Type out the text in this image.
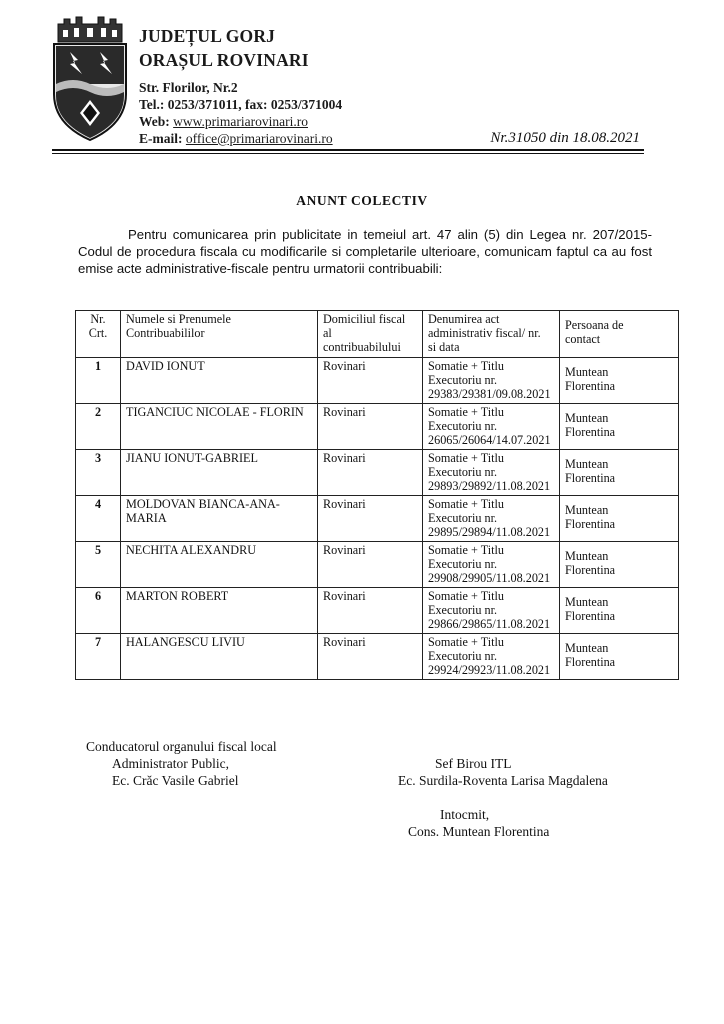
JUDEȚUL GORJ
ORAȘUL ROVINARI
Str. Florilor, Nr.2
Tel.: 0253/371011, fax: 0253/371004
Web: www.primariarovinari.ro
E-mail: office@primariarovinari.ro	Nr.31050 din 18.08.2021
ANUNT COLECTIV
Pentru comunicarea prin publicitate in temeiul art. 47 alin (5) din Legea nr. 207/2015-Codul de procedura fiscala cu modificarile si completarile ulterioare, comunicam faptul ca au fost emise acte administrative-fiscale pentru urmatorii contribuabili:
Nr.
Crt.	Numele si Prenumele
Contribuabililor	Domiciliul fiscal
al
contribuabilului	Denumirea act
administrativ fiscal/ nr.
si data	Persoana de
contact

1	DAVID IONUT	Rovinari	Somatie + Titlu
Executoriu nr.
29383/29381/09.08.2021	Muntean
Florentina

2	TIGANCIUC NICOLAE - FLORIN	Rovinari	Somatie + Titlu
Executoriu nr.
26065/26064/14.07.2021	Muntean
Florentina

3	JIANU IONUT-GABRIEL	Rovinari	Somatie + Titlu
Executoriu nr.
29893/29892/11.08.2021	Muntean
Florentina

4	MOLDOVAN BIANCA-ANA-MARIA	Rovinari	Somatie + Titlu
Executoriu nr.
29895/29894/11.08.2021	Muntean
Florentina

5	NECHITA ALEXANDRU	Rovinari	Somatie + Titlu
Executoriu nr.
29908/29905/11.08.2021	Muntean
Florentina

6	MARTON ROBERT	Rovinari	Somatie + Titlu
Executoriu nr.
29866/29865/11.08.2021	Muntean
Florentina

7	HALANGESCU LIVIU	Rovinari	Somatie + Titlu
Executoriu nr.
29924/29923/11.08.2021	Muntean
Florentina
Conducatorul organului fiscal local
Administrator Public,
Ec. Crăc Vasile Gabriel
Sef Birou ITL
Ec. Surdila-Roventa Larisa Magdalena
Intocmit,
Cons. Muntean Florentina
